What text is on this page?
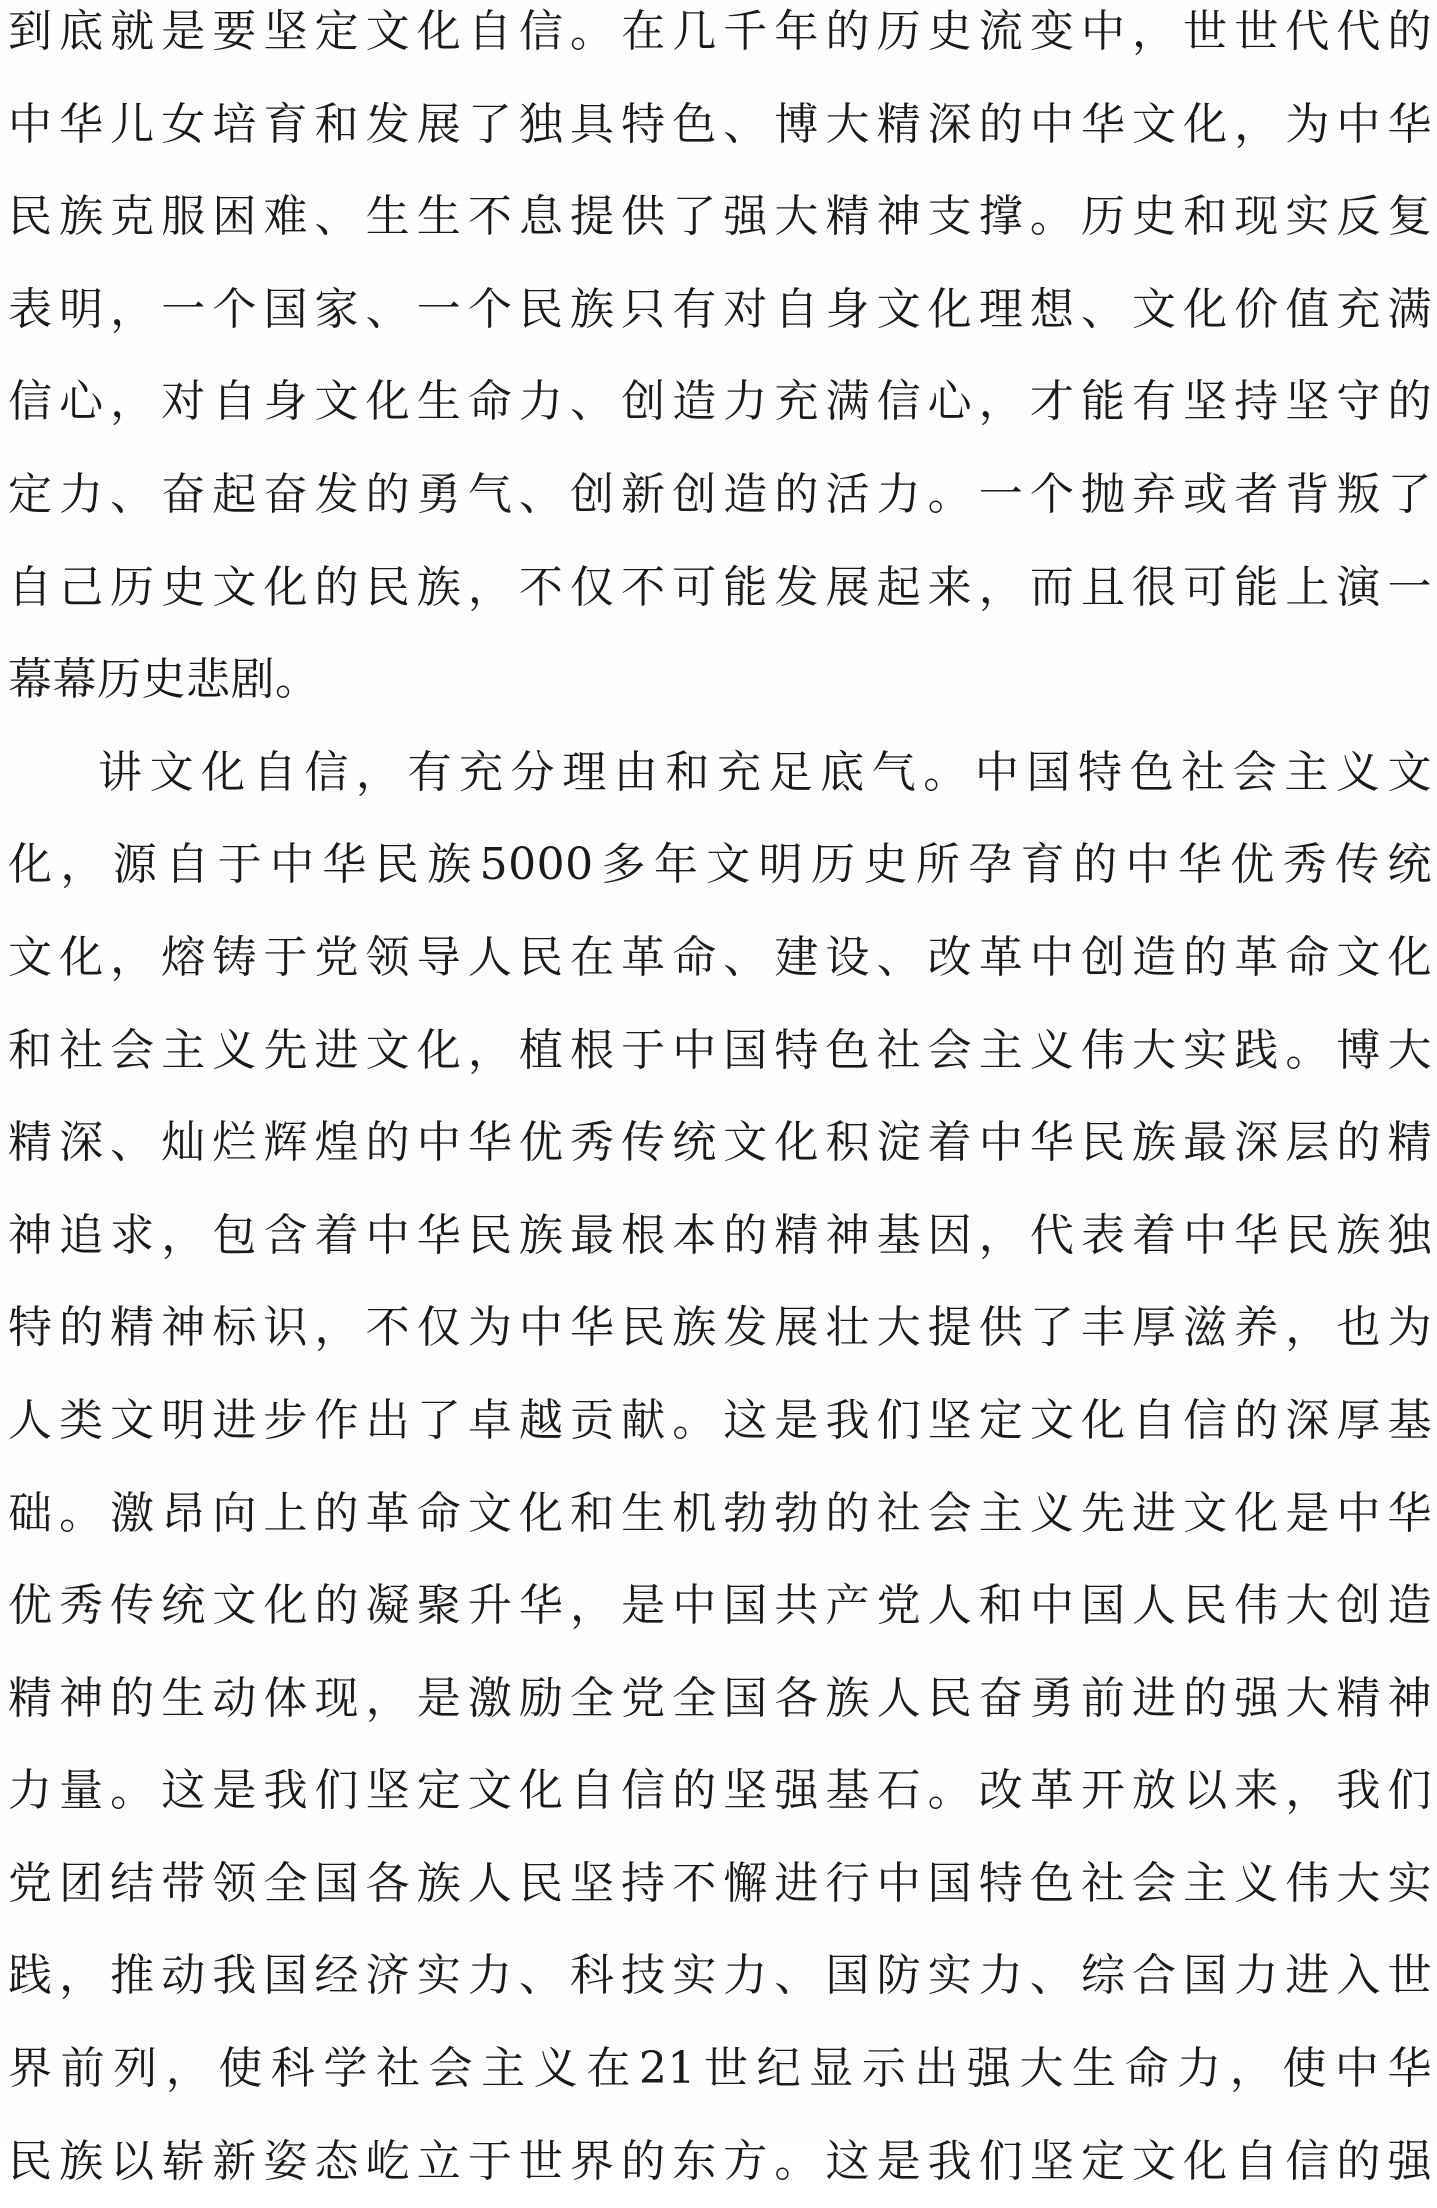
到底就是要坚定文化自信。在几千年的历史流变中，世世代代的
中华儿女培育和发展了独具特色、博大精深的中华文化，为中华
民族克服困难、生生不息提供了强大精神支撑。历史和现实反复
表明，一个国家、一个民族只有对自身文化理想、文化价值充满
信心，对自身文化生命力、创造力充满信心，才能有坚持坚守的
定力、奋起奋发的勇气、创新创造的活力。一个抛弃或者背叛了
自己历史文化的民族，不仅不可能发展起来，而且很可能上演一
幕幕历史悲剧。
讲文化自信，有充分理由和充足底气。中国特色社会主义文
化，源自于中华民族5000多年文明历史所孕育的中华优秀传统
文化，熔铸于党领导人民在革命、建设、改革中创造的革命文化
和社会主义先进文化，植根于中国特色社会主义伟大实践。博大
精深、灿烂辉煌的中华优秀传统文化积淀着中华民族最深层的精
神追求，包含着中华民族最根本的精神基因，代表着中华民族独
特的精神标识，不仅为中华民族发展壮大提供了丰厚滋养，也为
人类文明进步作出了卓越贡献。这是我们坚定文化自信的深厚基
础。激昂向上的革命文化和生机勃勃的社会主义先进文化是中华
优秀传统文化的凝聚升华，是中国共产党人和中国人民伟大创造
精神的生动体现，是激励全党全国各族人民奋勇前进的强大精神
力量。这是我们坚定文化自信的坚强基石。改革开放以来，我们
党团结带领全国各族人民坚持不懈进行中国特色社会主义伟大实
践，推动我国经济实力、科技实力、国防实力、综合国力进入世
界前列，使科学社会主义在21世纪显示出强大生命力，使中华
民族以崭新姿态屹立于世界的东方。这是我们坚定文化自信的强
